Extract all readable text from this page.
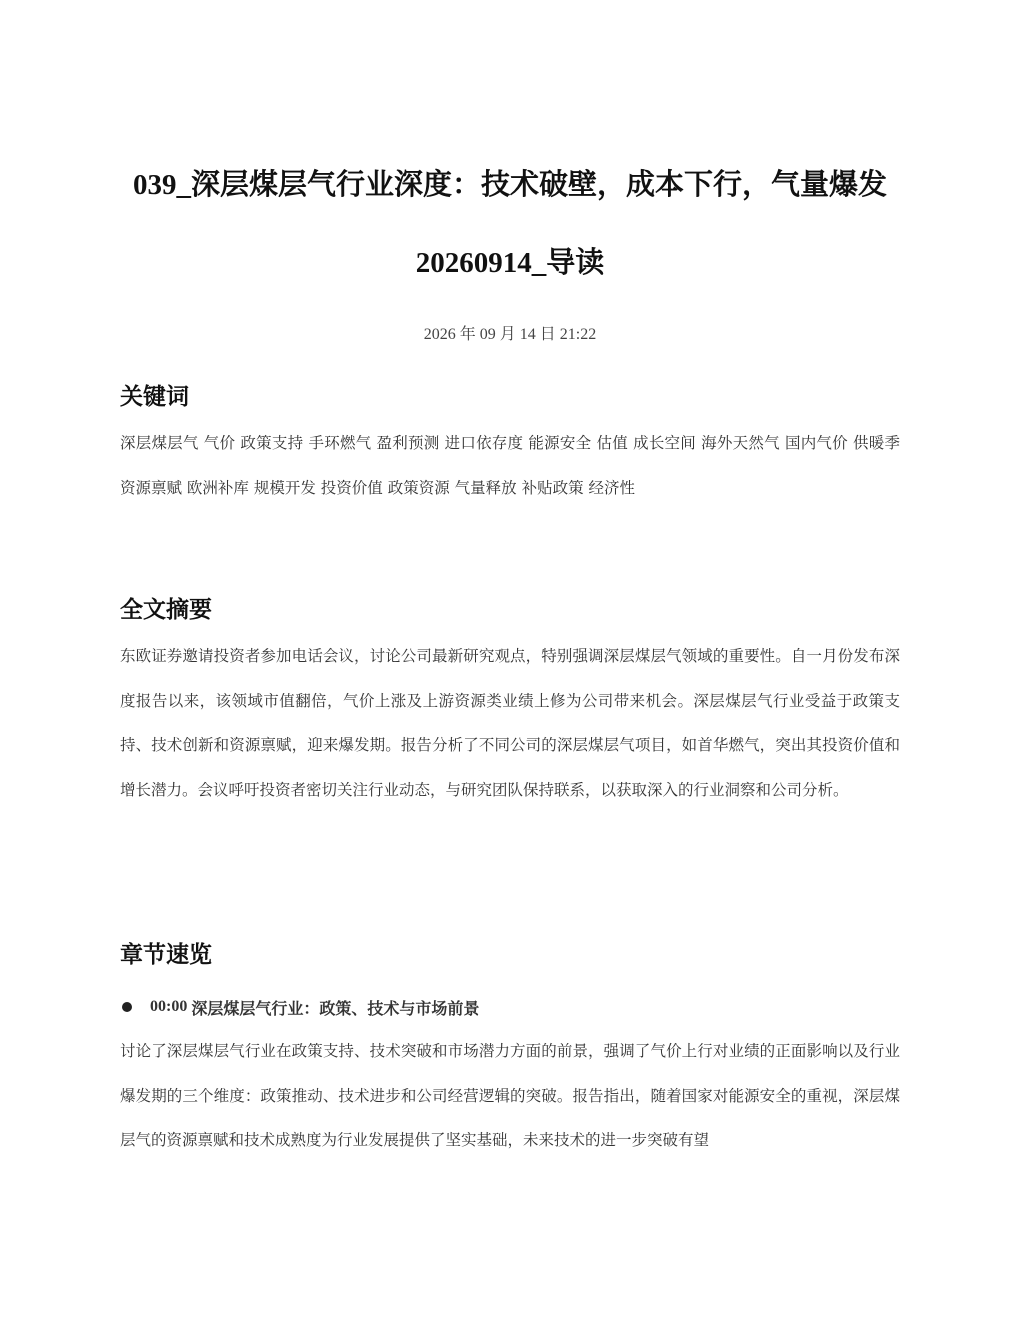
039_深层煤层气行业深度：技术破壁，成本下行，气量爆发
20260914_导读
2026 年 09 月 14 日 21:22
关键词

深层煤层气 气价 政策支持 手环燃气 盈利预测 进口依存度 能源安全 估值 成长空间 海外天然气 国内气价 供暖季 资源禀赋 欧洲补库 规模开发 投资价值 政策资源 气量释放 补贴政策 经济性

全文摘要

东欧证券邀请投资者参加电话会议，讨论公司最新研究观点，特别强调深层煤层气领域的重要性。自一月份发布深度报告以来，该领域市值翻倍，气价上涨及上游资源类业绩上修为公司带来机会。深层煤层气行业受益于政策支持、技术创新和资源禀赋，迎来爆发期。报告分析了不同公司的深层煤层气项目，如首华燃气，突出其投资价值和增长潜力。会议呼吁投资者密切关注行业动态，与研究团队保持联系，以获取深入的行业洞察和公司分析。

章节速览
00:00 深层煤层气行业：政策、技术与市场前景

讨论了深层煤层气行业在政策支持、技术突破和市场潜力方面的前景，强调了气价上行对业绩的正面影响以及行业爆发期的三个维度：政策推动、技术进步和公司经营逻辑的突破。报告指出，随着国家对能源安全的重视，深层煤层气的资源禀赋和技术成熟度为行业发展提供了坚实基础，未来技术的进一步突破有望
